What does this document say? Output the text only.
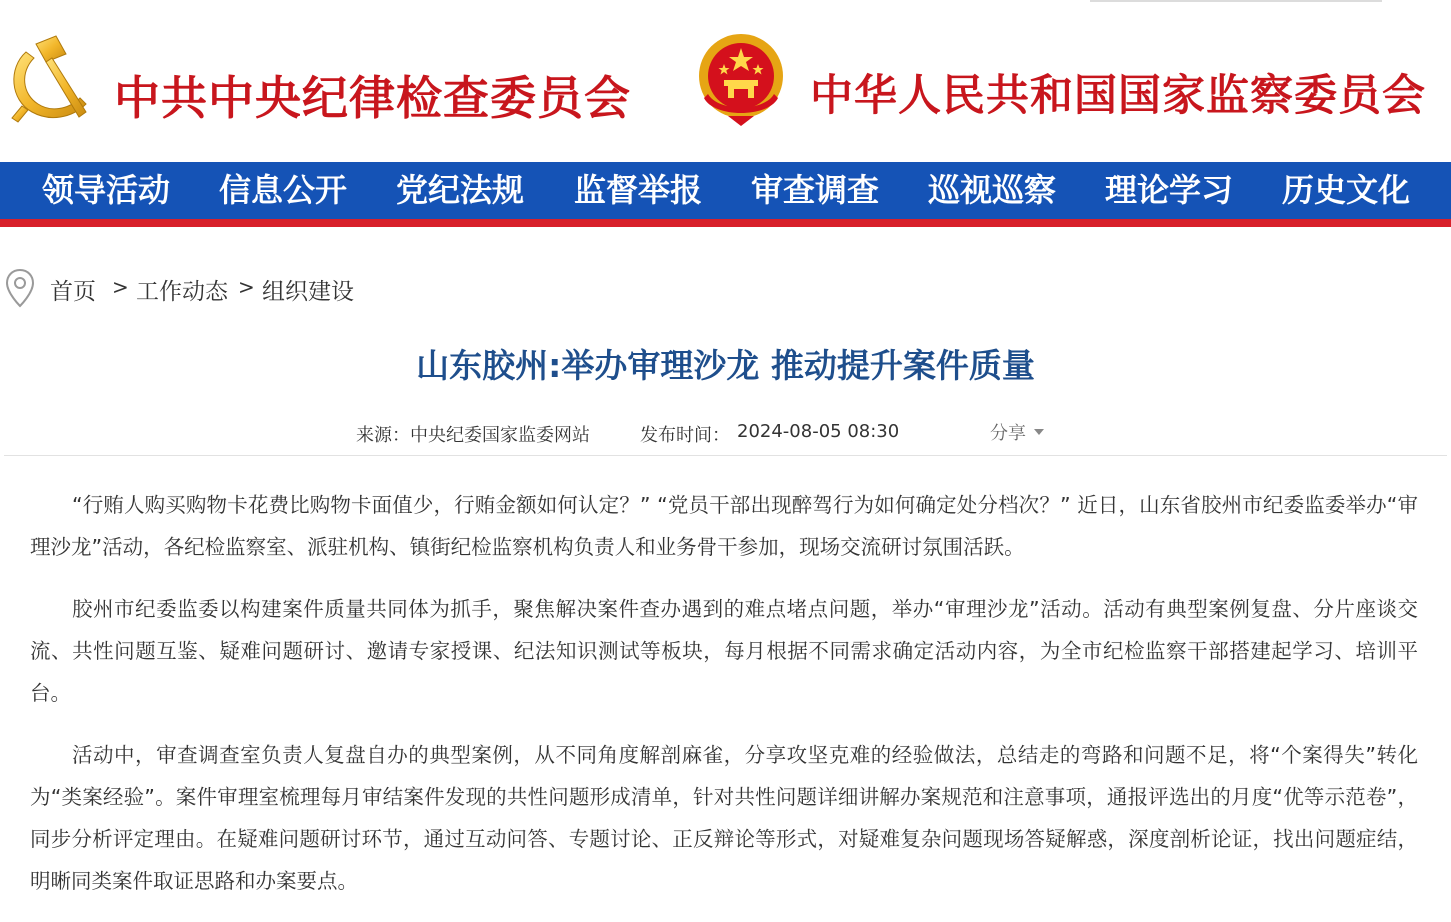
中共中央纪律检查委员会	中华人民共和国国家监察委员会
领导活动 信息公开 党纪法规 监督举报 审查调查 巡视巡察 理论学习 历史文化
首页 > 工作动态 > 组织建设
山东胶州:举办审理沙龙 推动提升案件质量
来源：中央纪委国家监委网站	发布时间： 2024-08-05 08:30	分享

“行贿人购买购物卡花费比购物卡面值少，行贿金额如何认定？” “党员干部出现醉驾行为如何确定处分档次？” 近日，山东省胶州市纪委监委举办“审理沙龙”活动，各纪检监察室、派驻机构、镇街纪检监察机构负责人和业务骨干参加，现场交流研讨氛围活跃。

胶州市纪委监委以构建案件质量共同体为抓手，聚焦解决案件查办遇到的难点堵点问题，举办“审理沙龙”活动。活动有典型案例复盘、分片座谈交流、共性问题互鉴、疑难问题研讨、邀请专家授课、纪法知识测试等板块，每月根据不同需求确定活动内容，为全市纪检监察干部搭建起学习、培训平台。

活动中，审查调查室负责人复盘自办的典型案例，从不同角度解剖麻雀，分享攻坚克难的经验做法，总结走的弯路和问题不足，将“个案得失”转化为“类案经验”。案件审理室梳理每月审结案件发现的共性问题形成清单，针对共性问题详细讲解办案规范和注意事项，通报评选出的月度“优等示范卷”，同步分析评定理由。在疑难问题研讨环节，通过互动问答、专题讨论、正反辩论等形式，对疑难复杂问题现场答疑解惑，深度剖析论证，找出问题症结，明晰同类案件取证思路和办案要点。
